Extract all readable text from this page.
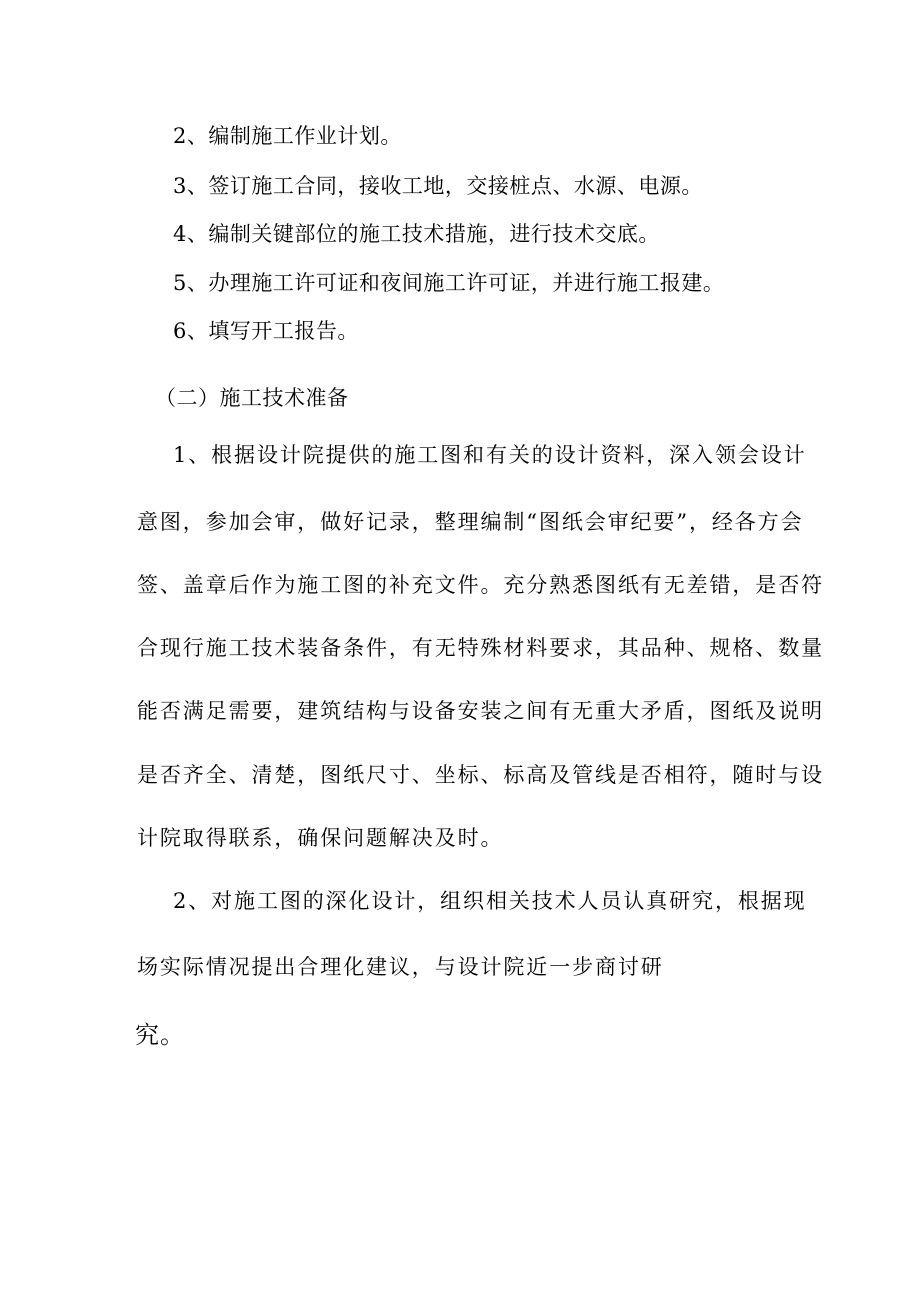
2、编制施工作业计划。
3、签订施工合同，接收工地，交接桩点、水源、电源。
4、编制关键部位的施工技术措施，进行技术交底。
5、办理施工许可证和夜间施工许可证，并进行施工报建。
6、填写开工报告。
（二）施工技术准备
1、根据设计院提供的施工图和有关的设计资料，深入领会设计
意图，参加会审，做好记录，整理编制“图纸会审纪要”，经各方会
签、盖章后作为施工图的补充文件。充分熟悉图纸有无差错，是否符
合现行施工技术装备条件，有无特殊材料要求，其品种、规格、数量
能否满足需要，建筑结构与设备安装之间有无重大矛盾，图纸及说明
是否齐全、清楚，图纸尺寸、坐标、标高及管线是否相符，随时与设
计院取得联系，确保问题解决及时。
2、对施工图的深化设计，组织相关技术人员认真研究，根据现
场实际情况提出合理化建议，与设计院近一步商讨研
究。
